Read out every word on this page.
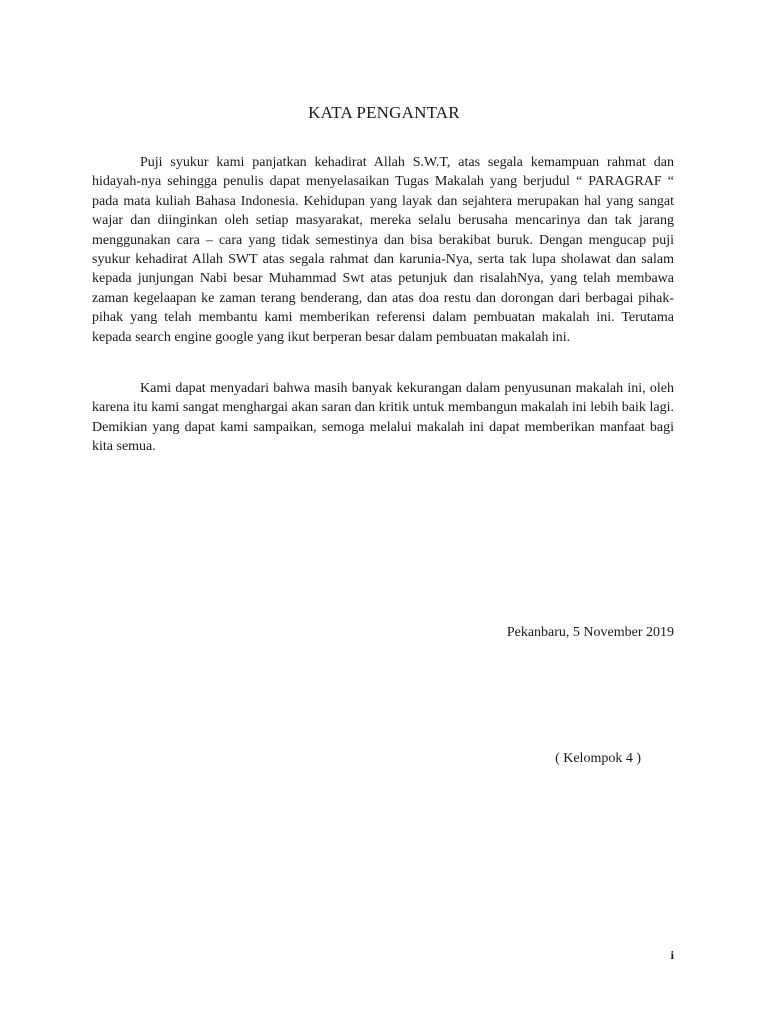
KATA PENGANTAR

Puji syukur kami panjatkan kehadirat Allah S.W.T, atas segala kemampuan rahmat dan hidayah-nya sehingga penulis dapat menyelasaikan Tugas Makalah yang berjudul “ PARAGRAF “ pada mata kuliah Bahasa Indonesia. Kehidupan yang layak dan sejahtera merupakan hal yang sangat wajar dan diinginkan oleh setiap masyarakat, mereka selalu berusaha mencarinya dan tak jarang menggunakan cara – cara yang tidak semestinya dan bisa berakibat buruk. Dengan mengucap puji syukur kehadirat Allah SWT atas segala rahmat dan karunia-Nya, serta tak lupa sholawat dan salam kepada junjungan Nabi besar Muhammad Swt atas petunjuk dan risalahNya, yang telah membawa zaman kegelaapan ke zaman terang benderang, dan atas doa restu dan dorongan dari berbagai pihak-pihak yang telah membantu kami memberikan referensi dalam pembuatan makalah ini. Terutama kepada search engine google yang ikut berperan besar dalam pembuatan makalah ini.

Kami dapat menyadari bahwa masih banyak kekurangan dalam penyusunan makalah ini, oleh karena itu kami sangat menghargai akan saran dan kritik untuk membangun makalah ini lebih baik lagi. Demikian yang dapat kami sampaikan, semoga melalui makalah ini dapat memberikan manfaat bagi kita semua.

Pekanbaru, 5 November 2019
( Kelompok 4 )
i
